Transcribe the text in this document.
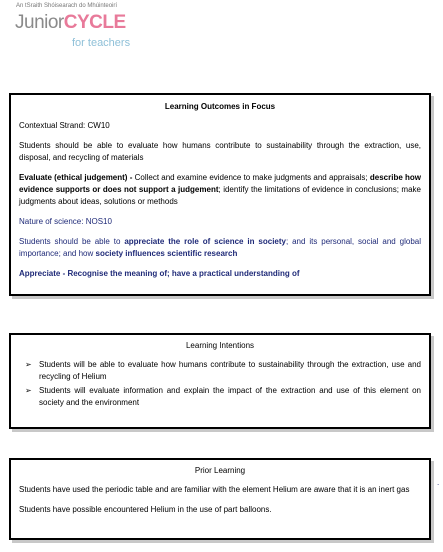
An tSraith Shóisearach do Mhúinteoirí
JuniorCYCLE
for teachers
Learning Outcomes in Focus

Contextual Strand: CW10

Students should be able to evaluate how humans contribute to sustainability through the extraction, use, disposal, and recycling of materials

Evaluate (ethical judgement) - Collect and examine evidence to make judgments and appraisals; describe how evidence supports or does not support a judgement; identify the limitations of evidence in conclusions; make judgments about ideas, solutions or methods

Nature of science: NOS10

Students should be able to appreciate the role of science in society; and its personal, social and global importance; and how society influences scientific research

Appreciate - Recognise the meaning of; have a practical understanding of

Learning Intentions
➢ Students will be able to evaluate how humans contribute to sustainability through the extraction, use and recycling of Helium
➢ Students will evaluate information and explain the impact of the extraction and use of this element on society and the environment
Prior Learning

Students have used the periodic table and are familiar with the element Helium are aware that it is an inert gas

Students have possible encountered Helium in the use of part balloons.

.
